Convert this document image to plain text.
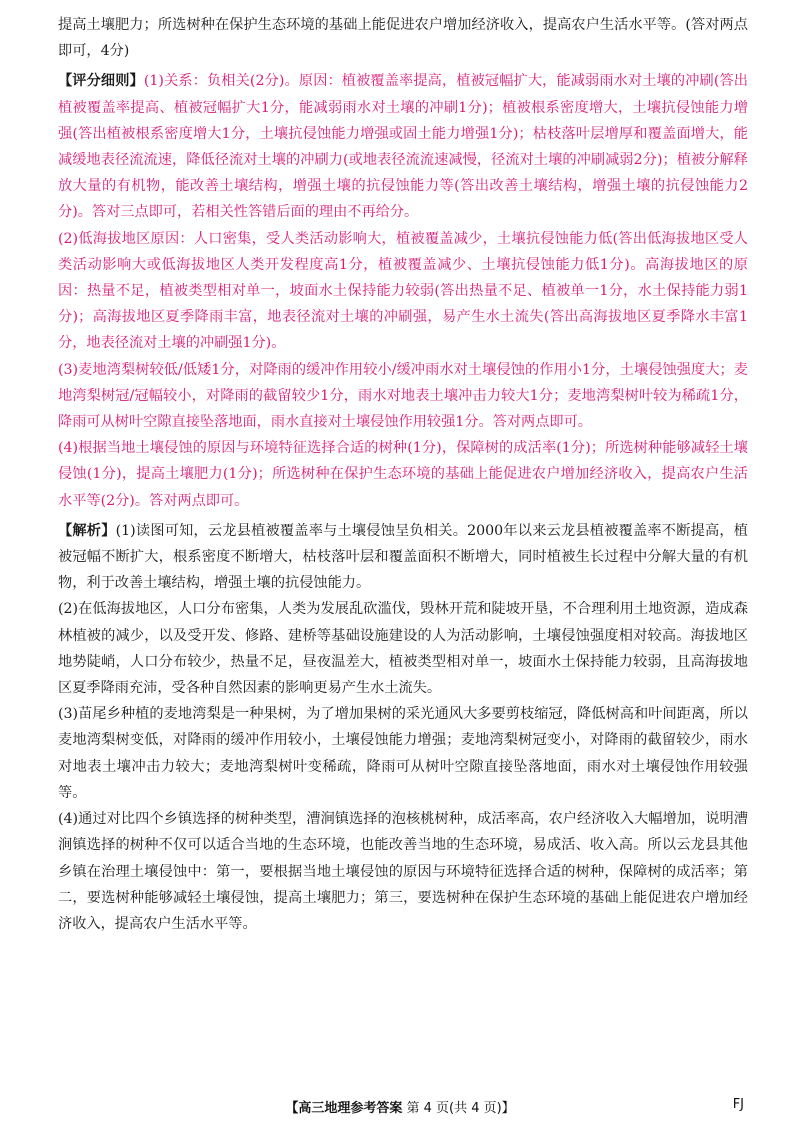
提高土壤肥力；所选树种在保护生态环境的基础上能促进农户增加经济收入，提高农户生活水平等。(答对两点即可，4分)

【评分细则】(1)关系：负相关(2分)。原因：植被覆盖率提高，植被冠幅扩大，能减弱雨水对土壤的冲刷(答出植被覆盖率提高、植被冠幅扩大1分，能减弱雨水对土壤的冲刷1分)；植被根系密度增大，土壤抗侵蚀能力增强(答出植被根系密度增大1分，土壤抗侵蚀能力增强或固土能力增强1分)；枯枝落叶层增厚和覆盖面增大，能减缓地表径流流速，降低径流对土壤的冲刷力(或地表径流流速减慢，径流对土壤的冲刷减弱2分)；植被分解释放大量的有机物，能改善土壤结构，增强土壤的抗侵蚀能力等(答出改善土壤结构，增强土壤的抗侵蚀能力2分)。答对三点即可，若相关性答错后面的理由不再给分。

(2)低海拔地区原因：人口密集，受人类活动影响大，植被覆盖减少，土壤抗侵蚀能力低(答出低海拔地区受人类活动影响大或低海拔地区人类开发程度高1分，植被覆盖减少、土壤抗侵蚀能力低1分)。高海拔地区的原因：热量不足，植被类型相对单一，坡面水土保持能力较弱(答出热量不足、植被单一1分，水土保持能力弱1分)；高海拔地区夏季降雨丰富，地表径流对土壤的冲刷强，易产生水土流失(答出高海拔地区夏季降水丰富1分，地表径流对土壤的冲刷强1分)。

(3)麦地湾梨树较低/低矮1分，对降雨的缓冲作用较小/缓冲雨水对土壤侵蚀的作用小1分，土壤侵蚀强度大；麦地湾梨树冠/冠幅较小，对降雨的截留较少1分，雨水对地表土壤冲击力较大1分；麦地湾梨树叶较为稀疏1分，降雨可从树叶空隙直接坠落地面，雨水直接对土壤侵蚀作用较强1分。答对两点即可。

(4)根据当地土壤侵蚀的原因与环境特征选择合适的树种(1分)，保障树的成活率(1分)；所选树种能够减轻土壤侵蚀(1分)，提高土壤肥力(1分)；所选树种在保护生态环境的基础上能促进农户增加经济收入，提高农户生活水平等(2分)。答对两点即可。

【解析】(1)读图可知，云龙县植被覆盖率与土壤侵蚀呈负相关。2000年以来云龙县植被覆盖率不断提高，植被冠幅不断扩大，根系密度不断增大，枯枝落叶层和覆盖面积不断增大，同时植被生长过程中分解大量的有机物，利于改善土壤结构，增强土壤的抗侵蚀能力。

(2)在低海拔地区，人口分布密集，人类为发展乱砍滥伐，毁林开荒和陡坡开垦，不合理利用土地资源，造成森林植被的减少，以及受开发、修路、建桥等基础设施建设的人为活动影响，土壤侵蚀强度相对较高。海拔地区地势陡峭，人口分布较少，热量不足，昼夜温差大，植被类型相对单一，坡面水土保持能力较弱，且高海拔地区夏季降雨充沛，受各种自然因素的影响更易产生水土流失。

(3)苗尾乡种植的麦地湾梨是一种果树，为了增加果树的采光通风大多要剪枝缩冠，降低树高和叶间距离，所以麦地湾梨树变低，对降雨的缓冲作用较小，土壤侵蚀能力增强；麦地湾梨树冠变小，对降雨的截留较少，雨水对地表土壤冲击力较大；麦地湾梨树叶变稀疏，降雨可从树叶空隙直接坠落地面，雨水对土壤侵蚀作用较强等。

(4)通过对比四个乡镇选择的树种类型，漕涧镇选择的泡核桃树种，成活率高，农户经济收入大幅增加，说明漕涧镇选择的树种不仅可以适合当地的生态环境，也能改善当地的生态环境，易成活、收入高。所以云龙县其他乡镇在治理土壤侵蚀中：第一，要根据当地土壤侵蚀的原因与环境特征选择合适的树种，保障树的成活率；第二，要选树种能够减轻土壤侵蚀，提高土壤肥力；第三，要选树种在保护生态环境的基础上能促进农户增加经济收入，提高农户生活水平等。

【高三地理参考答案 第 4 页(共 4 页)】	FJ
